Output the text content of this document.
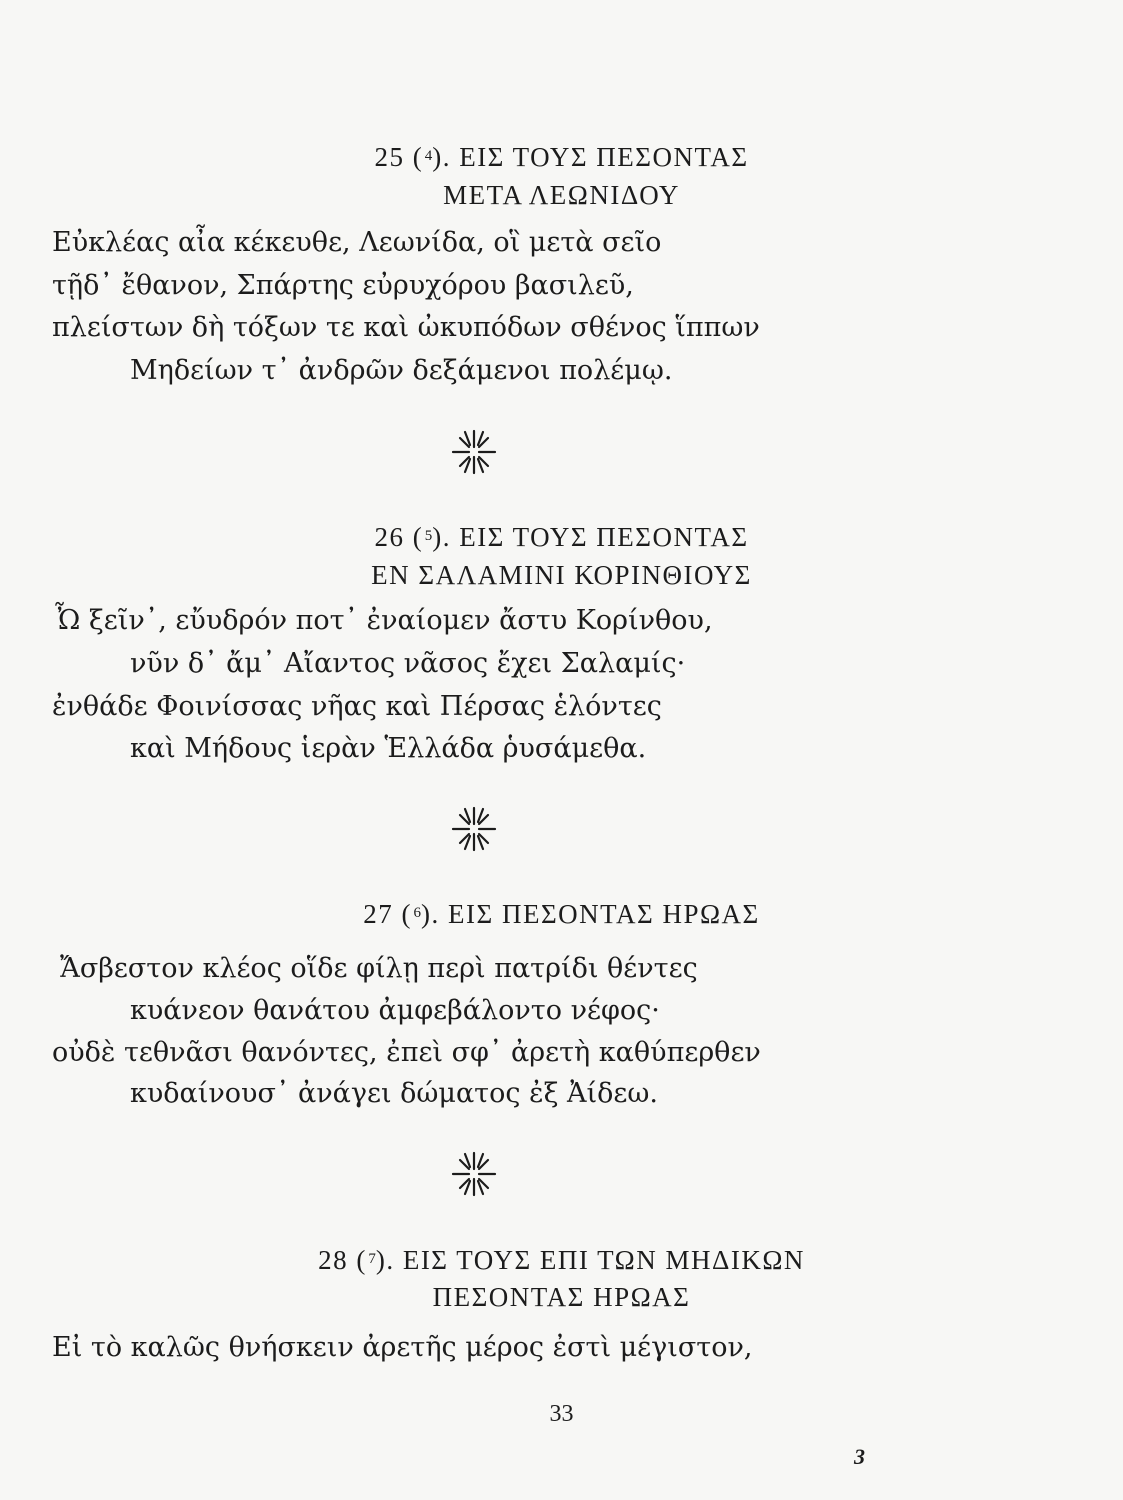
25 ($^4$). ΕΙΣ ΤΟΥΣ ΠΕΣΟΝΤΑΣ
ΜΕΤΑ ΛΕΩΝΙΔΟΥ

Εὐκλέας αἶα κέκευθε, Λεωνίδα, οἳ μετὰ σεῖο

τῇδ᾽ ἔθανον, Σπάρτης εὐρυχόρου βασιλεῦ,

πλείστων δὴ τόξων τε καὶ ὠκυπόδων σθένος ἵππων

Μηδείων τ᾽ ἀνδρῶν δεξάμενοι πολέμῳ.

26 ($^5$). ΕΙΣ ΤΟΥΣ ΠΕΣΟΝΤΑΣ
ΕΝ ΣΑΛΑΜΙΝΙ ΚΟΡΙΝΘΙΟΥΣ

Ὦ ξεῖν᾽, εὔυδρόν ποτ᾽ ἐναίομεν ἄστυ Κορίνθου,

νῦν δ᾽ ἄμ᾽ Αἴαντος νᾶσος ἔχει Σαλαμίς·

ἐνθάδε Φοινίσσας νῆας καὶ Πέρσας ἑλόντες

καὶ Μήδους ἱερὰν Ἑλλάδα ῥυσάμεθα.

27 ($^6$). ΕΙΣ ΠΕΣΟΝΤΑΣ ΗΡΩΑΣ

Ἄσβεστον κλέος οἵδε φίλῃ περὶ πατρίδι θέντες

κυάνεον θανάτου ἀμφεβάλοντο νέφος·

οὐδὲ τεθνᾶσι θανόντες, ἐπεὶ σφ᾽ ἀρετὴ καθύπερθεν

κυδαίνουσ᾽ ἀνάγει δώματος ἐξ Ἀίδεω.

28 ($^7$). ΕΙΣ ΤΟΥΣ ΕΠΙ ΤΩΝ ΜΗΔΙΚΩΝ
ΠΕΣΟΝΤΑΣ ΗΡΩΑΣ

Εἰ τὸ καλῶς θνήσκειν ἀρετῆς μέρος ἐστὶ μέγιστον,

33
3
